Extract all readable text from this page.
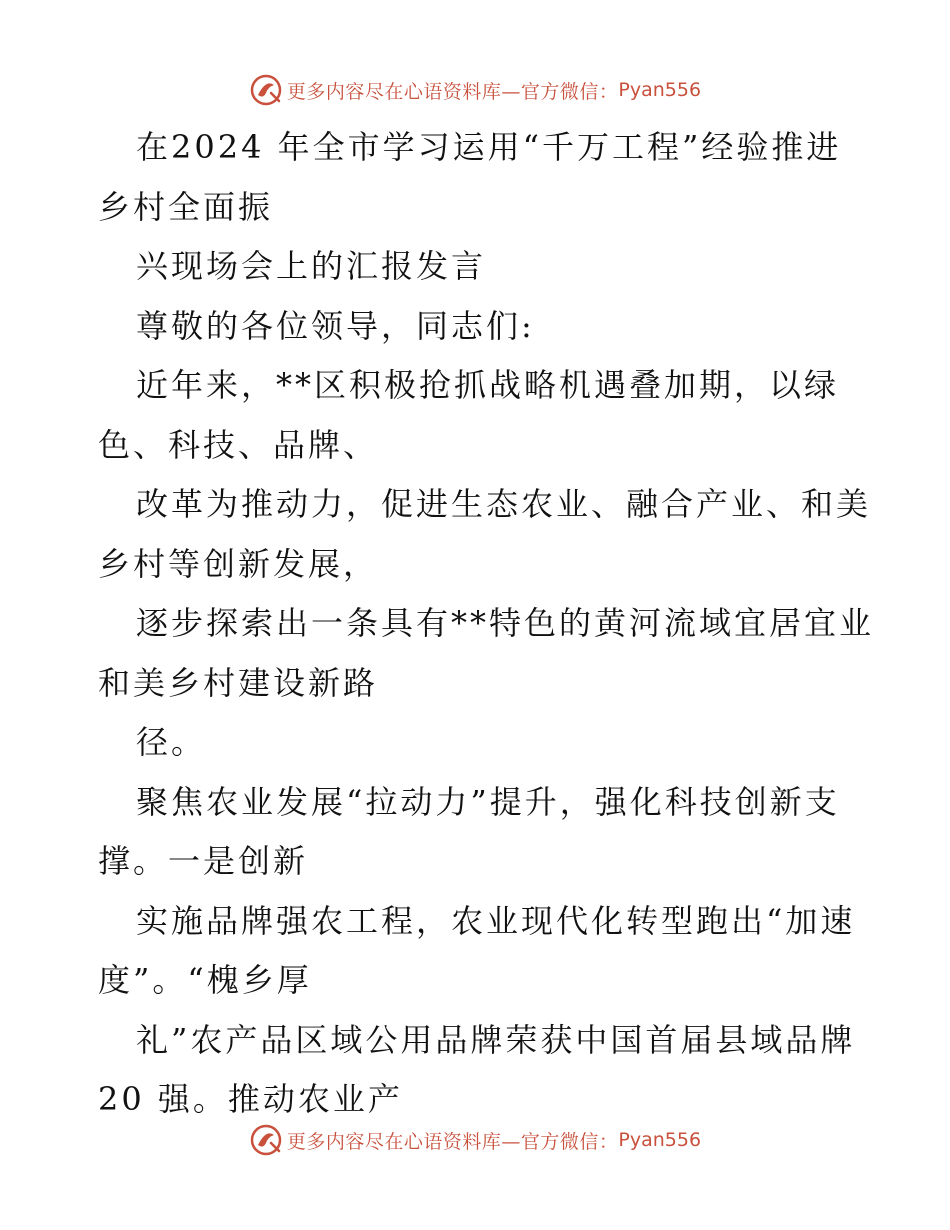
更多内容尽在心语资料库—官方微信： Pyan556
在2024 年全市学习运用“千万工程”经验推进
乡村全面振
兴现场会上的汇报发言
尊敬的各位领导，同志们:
近年来，**区积极抢抓战略机遇叠加期，以绿
色、科技、品牌、
改革为推动力，促进生态农业、融合产业、和美
乡村等创新发展，
逐步探索出一条具有**特色的黄河流域宜居宜业
和美乡村建设新路
径。
聚焦农业发展“拉动力”提升，强化科技创新支
撑。一是创新
实施品牌强农工程，农业现代化转型跑出“加速
度”。“槐乡厚
礼”农产品区域公用品牌荣获中国首届县域品牌
20 强。推动农业产
更多内容尽在心语资料库—官方微信： Pyan556
